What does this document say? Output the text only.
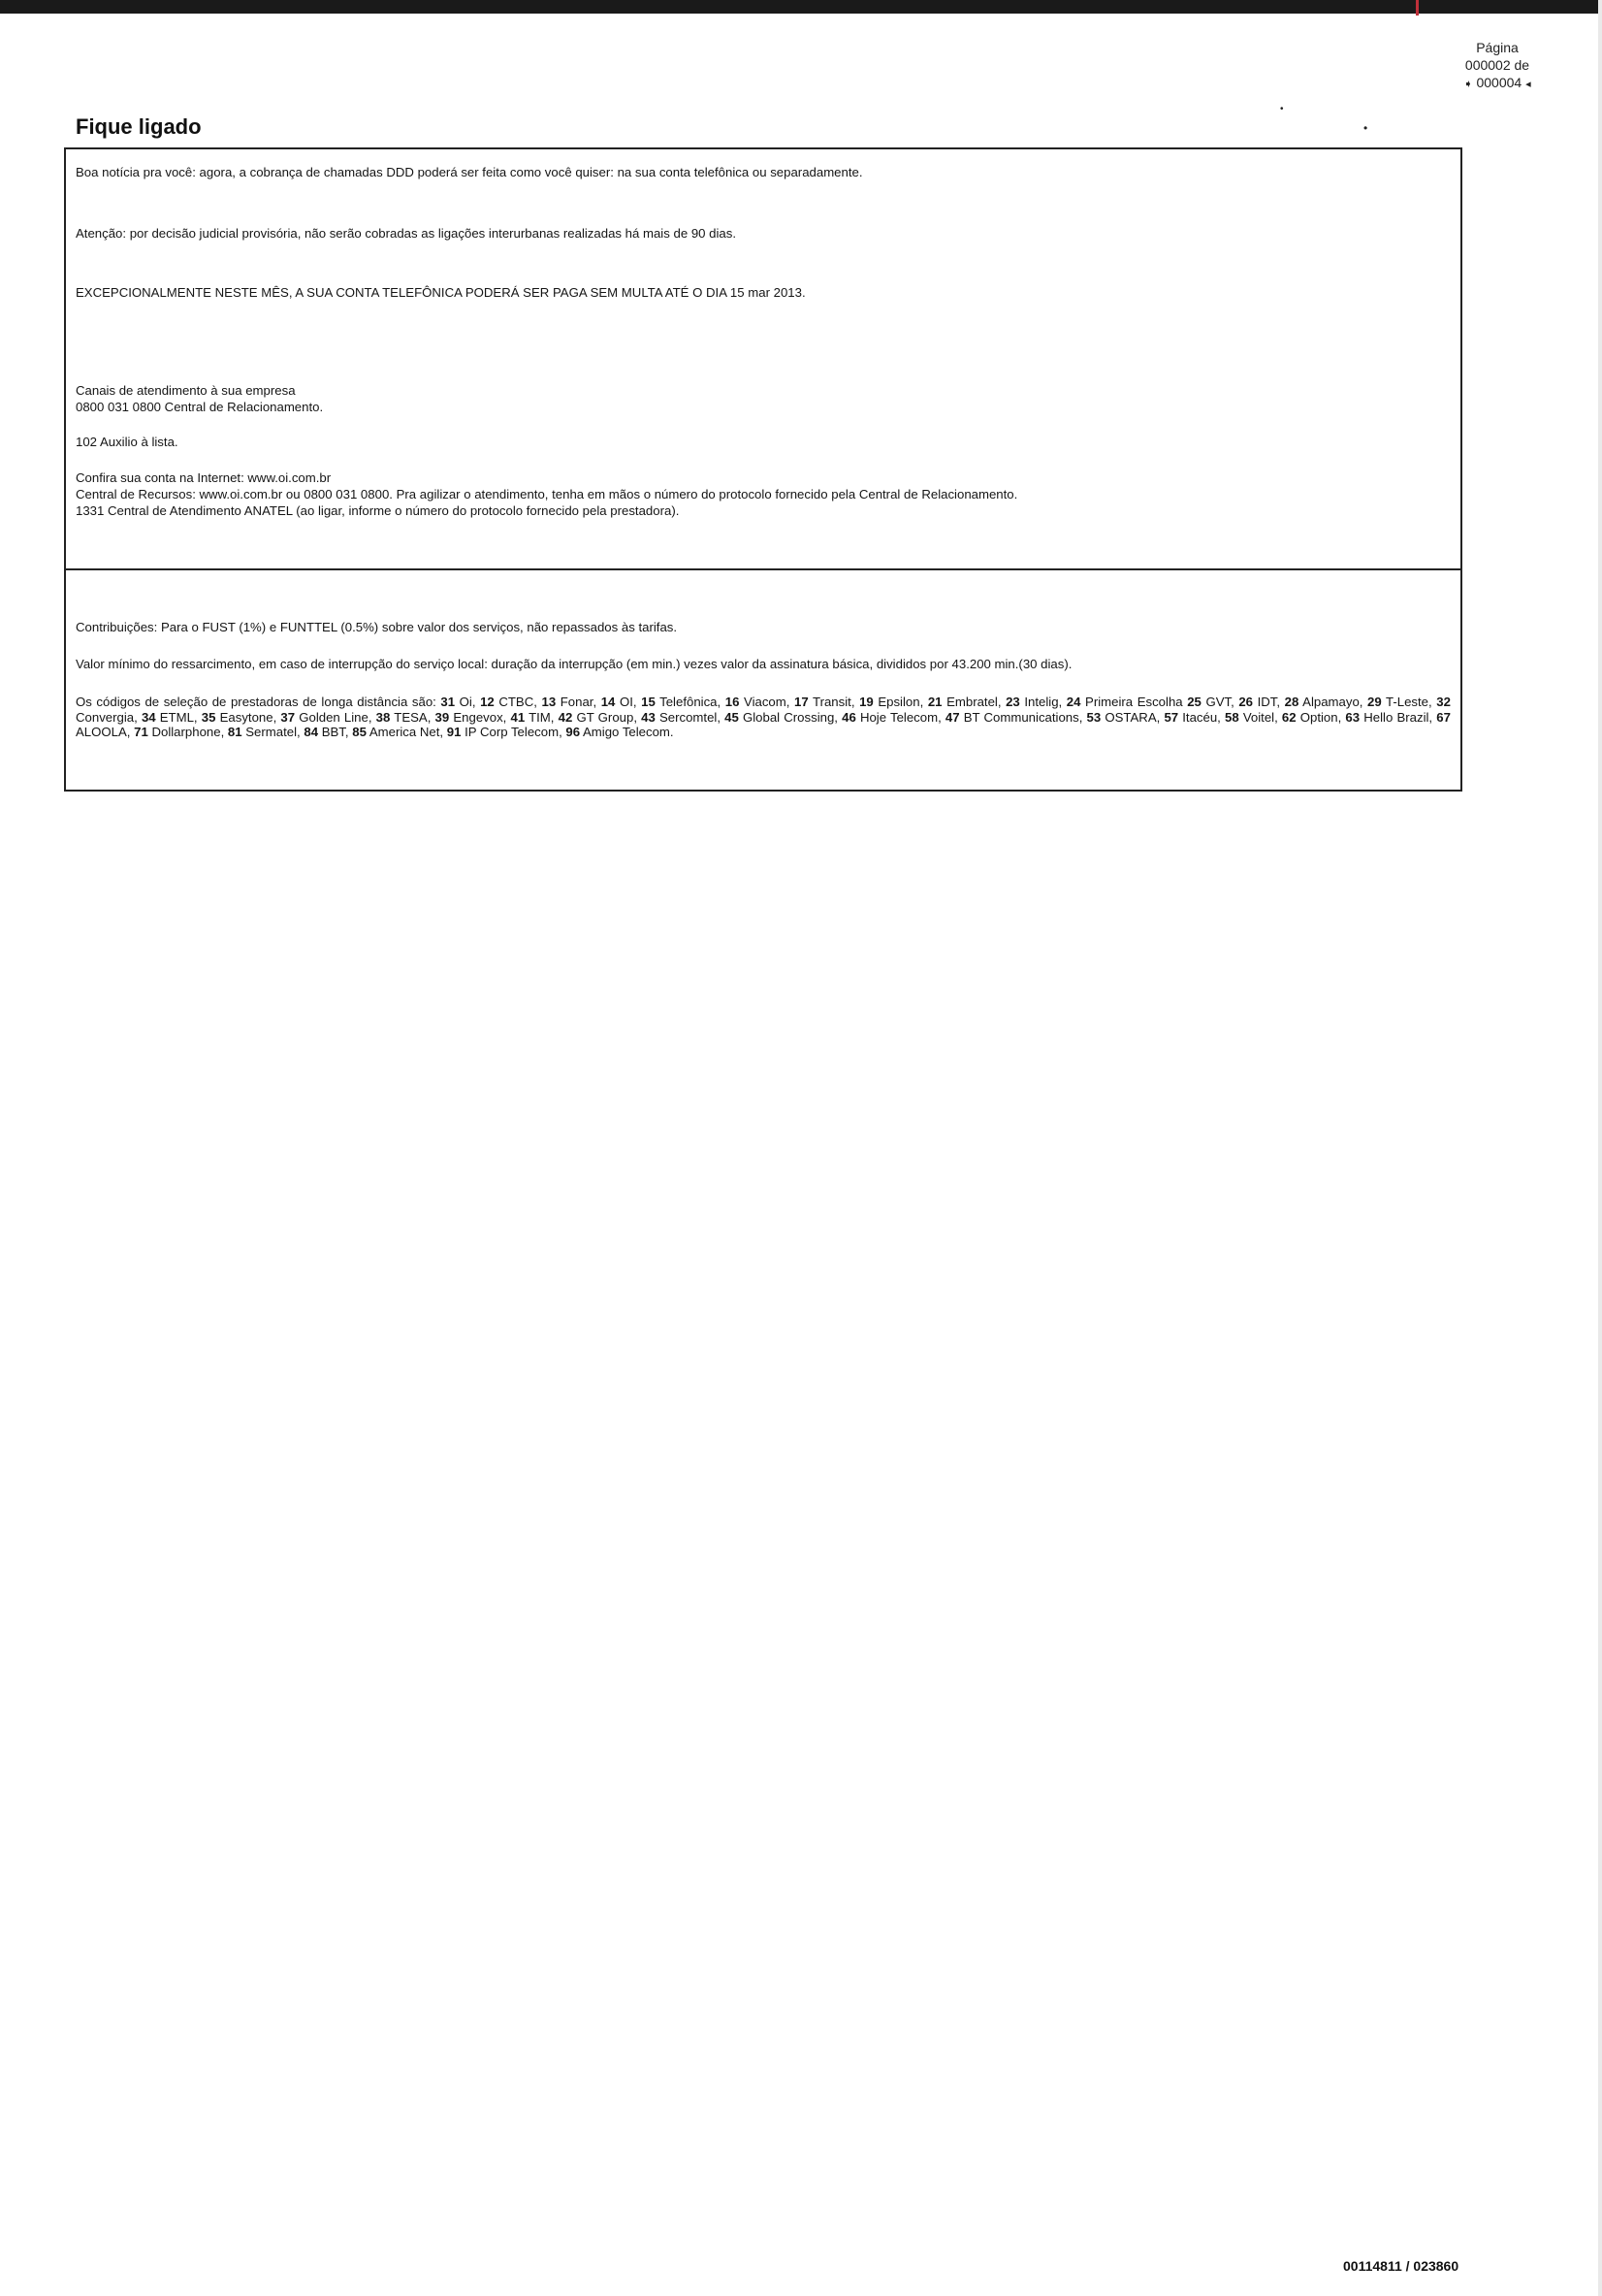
Página
000002 de
➧ 000004 ◂
•
•
Fique ligado
Boa notícia pra você: agora, a cobrança de chamadas DDD poderá ser feita como você quiser: na sua conta telefônica ou separadamente.
Atenção: por decisão judicial provisória, não serão cobradas as ligações interurbanas realizadas há mais de 90 dias.
EXCEPCIONALMENTE NESTE MÊS, A SUA CONTA TELEFÔNICA PODERÁ SER PAGA SEM MULTA ATÉ O DIA 15 mar 2013.
Canais de atendimento à sua empresa
0800 031 0800 Central de Relacionamento.
102 Auxilio à lista.
Confira sua conta na Internet: www.oi.com.br
Central de Recursos: www.oi.com.br ou 0800 031 0800. Pra agilizar o atendimento, tenha em mãos o número do protocolo fornecido pela Central de Relacionamento.
1331 Central de Atendimento ANATEL (ao ligar, informe o número do protocolo fornecido pela prestadora).
Contribuições: Para o FUST (1%) e FUNTTEL (0.5%) sobre valor dos serviços, não repassados às tarifas.
Valor mínimo do ressarcimento, em caso de interrupção do serviço local: duração da interrupção (em min.) vezes valor da assinatura básica, divididos por 43.200 min.(30 dias).
Os códigos de seleção de prestadoras de longa distância são: 31 Oi, 12 CTBC, 13 Fonar, 14 OI, 15 Telefônica, 16 Viacom, 17 Transit, 19 Epsilon, 21 Embratel, 23 Intelig, 24 Primeira Escolha 25 GVT, 26 IDT, 28 Alpamayo, 29 T-Leste, 32 Convergia, 34 ETML, 35 Easytone, 37 Golden Line, 38 TESA, 39 Engevox, 41 TIM, 42 GT Group, 43 Sercomtel, 45 Global Crossing, 46 Hoje Telecom, 47 BT Communications, 53 OSTARA, 57 Itacéu, 58 Voitel, 62 Option, 63 Hello Brazil, 67 ALOOLA, 71 Dollarphone, 81 Sermatel, 84 BBT, 85 America Net, 91 IP Corp Telecom, 96 Amigo Telecom.
00114811 / 023860
